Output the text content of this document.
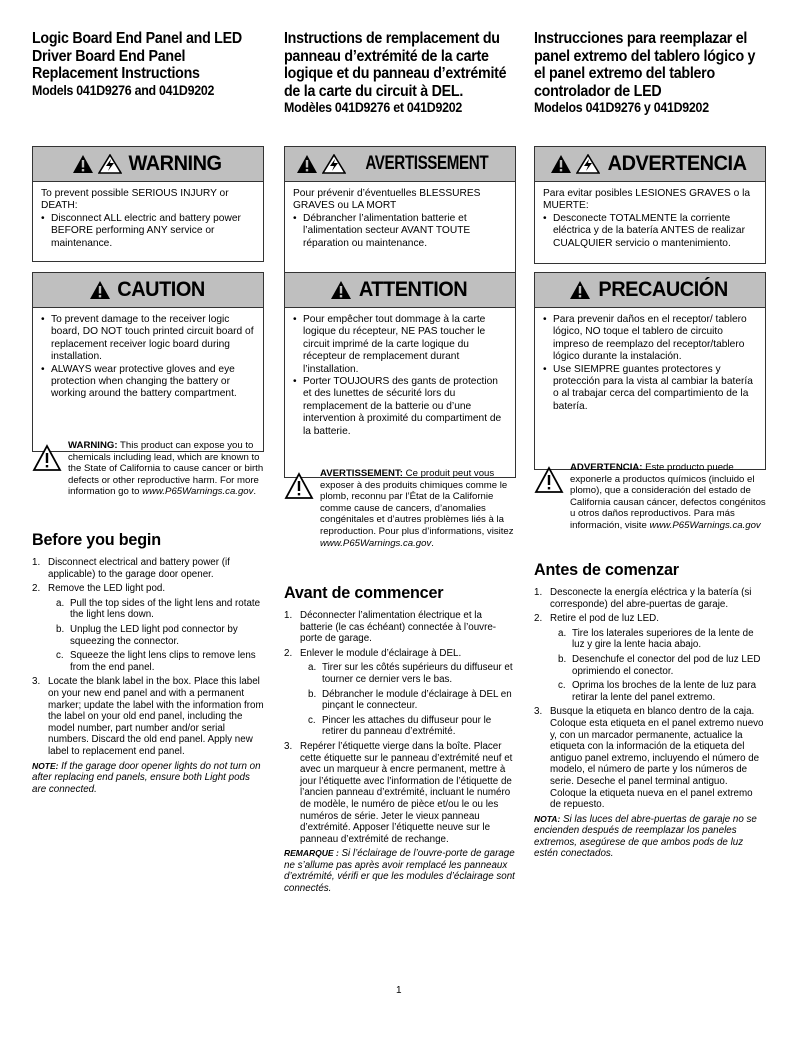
Logic Board End Panel and LED Driver Board End Panel Replacement Instructions
Models 041D9276 and 041D9202
WARNING
To prevent possible SERIOUS INJURY or DEATH:
• Disconnect ALL electric and battery power BEFORE performing ANY service or maintenance.
CAUTION
• To prevent damage to the receiver logic board, DO NOT touch printed circuit board of replacement receiver logic board during installation.
• ALWAYS wear protective gloves and eye protection when changing the battery or working around the battery compartment.
WARNING: This product can expose you to chemicals including lead, which are known to the State of California to cause cancer or birth defects or other reproductive harm. For more information go to www.P65Warnings.ca.gov.
Before you begin
1. Disconnect electrical and battery power (if applicable) to the garage door opener.
2. Remove the LED light pod.
a. Pull the top sides of the light lens and rotate the light lens down.
b. Unplug the LED light pod connector by squeezing the connector.
c. Squeeze the light lens clips to remove lens from the end panel.
3. Locate the blank label in the box. Place this label on your new end panel and with a permanent marker; update the label with the information from the label on your old end panel, including the model number, part number and/or serial numbers. Discard the old end panel. Apply new label to replacement end panel.
NOTE: If the garage door opener lights do not turn on after replacing end panels, ensure both Light pods are connected.
Instructions de remplacement du panneau d’extrémité de la carte logique et du panneau d’extrémité de la carte du circuit à DEL.
Modèles 041D9276 et 041D9202
AVERTISSEMENT
Pour prévenir d’éventuelles BLESSURES GRAVES ou LA MORT
• Débrancher l’alimentation batterie et l’alimentation secteur AVANT TOUTE réparation ou maintenance.
ATTENTION
• Pour empêcher tout dommage à la carte logique du récepteur, NE PAS toucher le circuit imprimé de la carte logique du récepteur de remplacement durant l’installation.
• Porter TOUJOURS des gants de protection et des lunettes de sécurité lors du remplacement de la batterie ou d’une intervention à proximité du compartiment de la batterie.
AVERTISSEMENT: Ce produit peut vous exposer à des produits chimiques comme le plomb, reconnu par l’État de la Californie comme cause de cancers, d’anomalies congénitales et d’autres problèmes liés à la reproduction. Pour plus d’informations, visitez www.P65Warnings.ca.gov.
Avant de commencer
1. Déconnecter l’alimentation électrique et la batterie (le cas échéant) connectée à l’ouvre-porte de garage.
2. Enlever le module d’éclairage à DEL.
a. Tirer sur les côtés supérieurs du diffuseur et tourner ce dernier vers le bas.
b. Débrancher le module d’éclairage à DEL en pinçant le connecteur.
c. Pincer les attaches du diffuseur pour le retirer du panneau d’extrémité.
3. Repérer l’étiquette vierge dans la boîte. Placer cette étiquette sur le panneau d’extrémité neuf et avec un marqueur à encre permanent, mettre à jour l’étiquette avec l’information de l’étiquette de l’ancien panneau d’extrémité, incluant le numéro de modèle, le numéro de pièce et/ou le ou les numéros de série. Jeter le vieux panneau d’extrémité. Apposer l’étiquette neuve sur le panneau d’extrémité de rechange.
REMARQUE : Si l’éclairage de l’ouvre-porte de garage ne s’allume pas après avoir remplacé les panneaux d’extrémité, vérifi er que les modules d’éclairage sont connectés.
Instrucciones para reemplazar el panel extremo del tablero lógico y el panel extremo del tablero controlador de LED
Modelos 041D9276 y 041D9202
ADVERTENCIA
Para evitar posibles LESIONES GRAVES o la MUERTE:
• Desconecte TOTALMENTE la corriente eléctrica y de la batería ANTES de realizar CUALQUIER servicio o mantenimiento.
PRECAUCIÓN
• Para prevenir daños en el receptor/ tablero lógico, NO toque el tablero de circuito impreso de reemplazo del receptor/tablero lógico durante la instalación.
• Use SIEMPRE guantes protectores y protección para la vista al cambiar la batería o al trabajar cerca del compartimiento de la batería.
ADVERTENCIA: Este producto puede exponerle a productos químicos (incluido el plomo), que a consideración del estado de California causan cáncer, defectos congénitos u otros daños reproductivos. Para más información, visite www.P65Warnings.ca.gov
Antes de comenzar
1. Desconecte la energía eléctrica y la batería (si corresponde) del abre-puertas de garaje.
2. Retire el pod de luz LED.
a. Tire los laterales superiores de la lente de luz y gire la lente hacia abajo.
b. Desenchufe el conector del pod de luz LED oprimiendo el conector.
c. Oprima los broches de la lente de luz para retirar la lente del panel extremo.
3. Busque la etiqueta en blanco dentro de la caja. Coloque esta etiqueta en el panel extremo nuevo y, con un marcador permanente, actualice la etiqueta con la información de la etiqueta del antiguo panel extremo, incluyendo el número de modelo, el número de parte y los números de serie. Deseche el panel terminal antiguo. Coloque la etiqueta nueva en el panel extremo de repuesto.
NOTA: Si las luces del abre-puertas de garaje no se encienden después de reemplazar los paneles extremos, asegúrese de que ambos pods de luz estén conectados.
1
